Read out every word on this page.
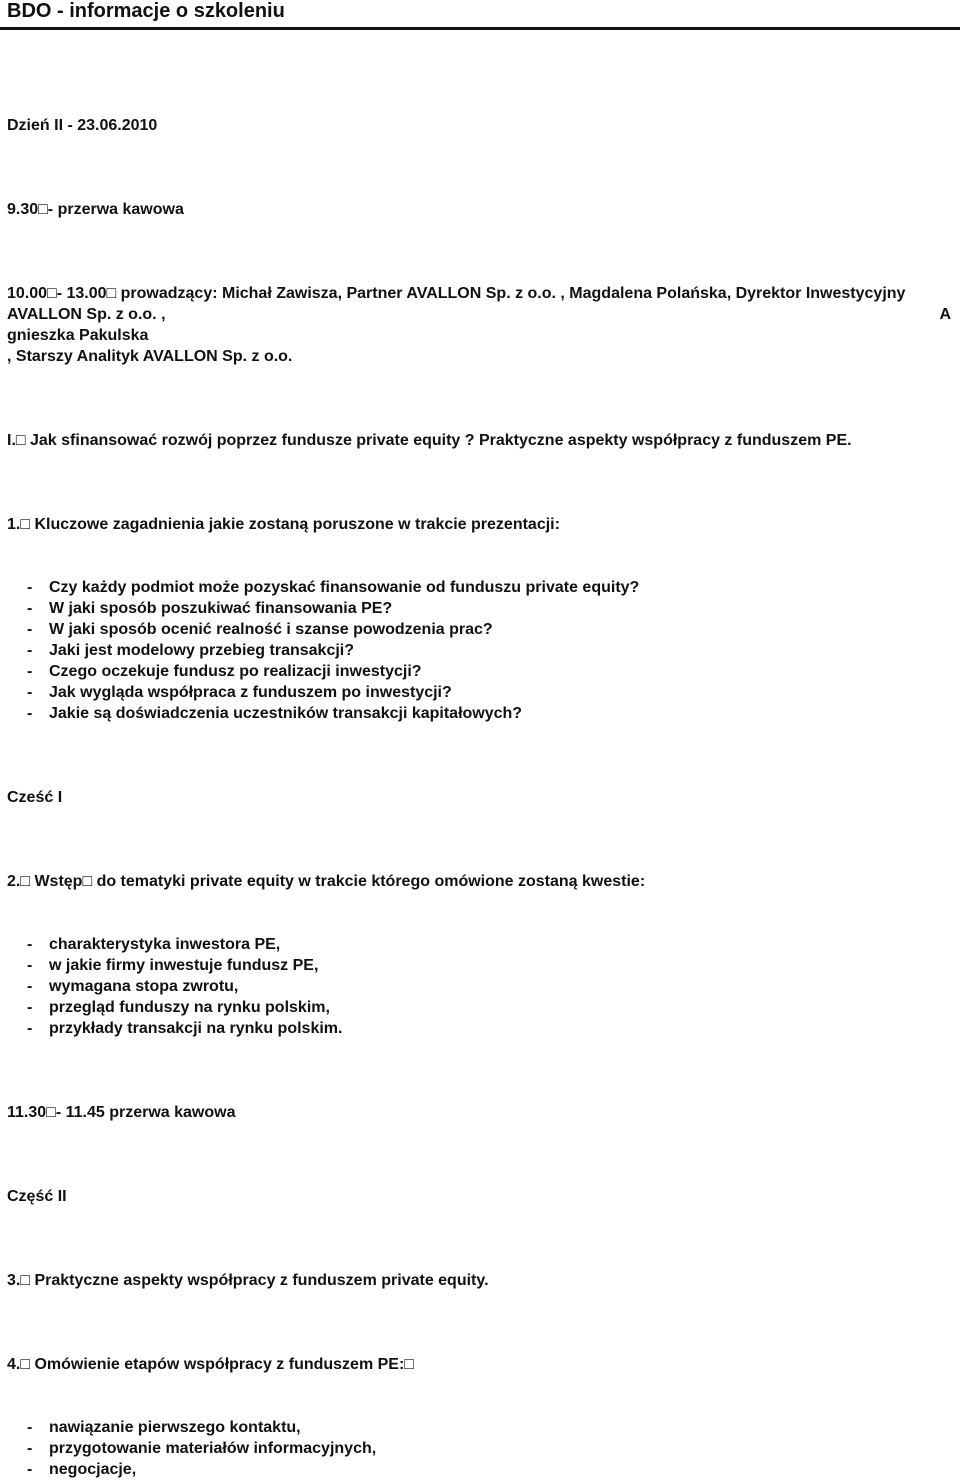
BDO - informacje o szkoleniu
Dzień II - 23.06.2010
9.30□- przerwa kawowa
10.00□- 13.00□ prowadzący: Michał Zawisza, Partner AVALLON Sp. z o.o. , Magdalena Polańska, Dyrektor Inwestycyjny
AVALLON Sp. z o.o. ,	A
gnieszka Pakulska
, Starszy Analityk AVALLON Sp. z o.o.
I.□ Jak sfinansować rozwój poprzez fundusze private equity ? Praktyczne aspekty współpracy z funduszem PE.
1.□ Kluczowe zagadnienia jakie zostaną poruszone w trakcie prezentacji:
- Czy każdy podmiot może pozyskać finansowanie od funduszu private equity?
- W jaki sposób poszukiwać finansowania PE?
- W jaki sposób ocenić realność i szanse powodzenia prac?
- Jaki jest modelowy przebieg transakcji?
- Czego oczekuje fundusz po realizacji inwestycji?
- Jak wygląda współpraca z funduszem po inwestycji?
- Jakie są doświadczenia uczestników transakcji kapitałowych?
Cześć I
2.□ Wstęp□ do tematyki private equity w trakcie którego omówione zostaną kwestie:
- charakterystyka inwestora PE,
- w jakie firmy inwestuje fundusz PE,
- wymagana stopa zwrotu,
- przegląd funduszy na rynku polskim,
- przykłady transakcji na rynku polskim.
11.30□- 11.45 przerwa kawowa
Część II
3.□ Praktyczne aspekty współpracy z funduszem private equity.
4.□ Omówienie etapów współpracy z funduszem PE:□
- nawiązanie pierwszego kontaktu,
- przygotowanie materiałów informacyjnych,
- negocjacje,
